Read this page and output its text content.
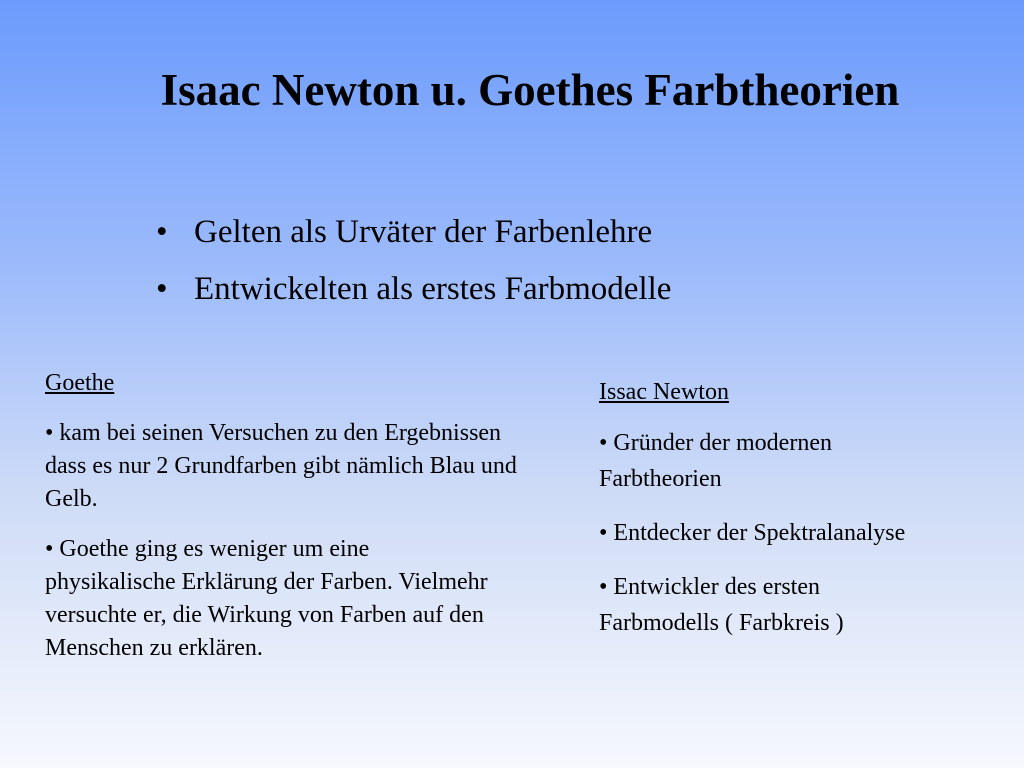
Isaac Newton u. Goethes Farbtheorien
• Gelten als Urväter der Farbenlehre
• Entwickelten als erstes Farbmodelle
Goethe

• kam bei seinen Versuchen zu den Ergebnissen dass es nur 2 Grundfarben gibt nämlich Blau und Gelb.

• Goethe ging es weniger um eine physikalische Erklärung der Farben. Vielmehr versuchte er, die Wirkung von Farben auf den Menschen zu erklären.

Issac Newton

• Gründer der modernen Farbtheorien

• Entdecker der Spektralanalyse

• Entwickler des ersten Farbmodells ( Farbkreis )
